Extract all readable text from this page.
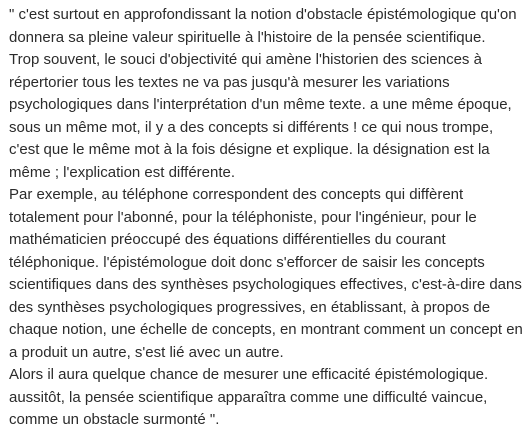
" c'est surtout en approfondissant la notion d'obstacle épistémologique qu'on
donnera sa pleine valeur spirituelle à l'histoire de la pensée scientifique.
Trop souvent, le souci d'objectivité qui amène l'historien des sciences à
répertorier tous les textes ne va pas jusqu'à mesurer les variations
psychologiques dans l'interprétation d'un même texte. a une même époque,
sous un même mot, il y a des concepts si différents ! ce qui nous trompe,
c'est que le même mot à la fois désigne et explique. la désignation est la
même ; l'explication est différente.
Par exemple, au téléphone correspondent des concepts qui diffèrent
totalement pour l'abonné, pour la téléphoniste, pour l'ingénieur, pour le
mathématicien préoccupé des équations différentielles du courant
téléphonique. l'épistémologue doit donc s'efforcer de saisir les concepts
scientifiques dans des synthèses psychologiques effectives, c'est-à-dire dans
des synthèses psychologiques progressives, en établissant, à propos de
chaque notion, une échelle de concepts, en montrant comment un concept en
a produit un autre, s'est lié avec un autre.
Alors il aura quelque chance de mesurer une efficacité épistémologique.
aussitôt, la pensée scientifique apparaîtra comme une difficulté vaincue,
comme un obstacle surmonté ".
